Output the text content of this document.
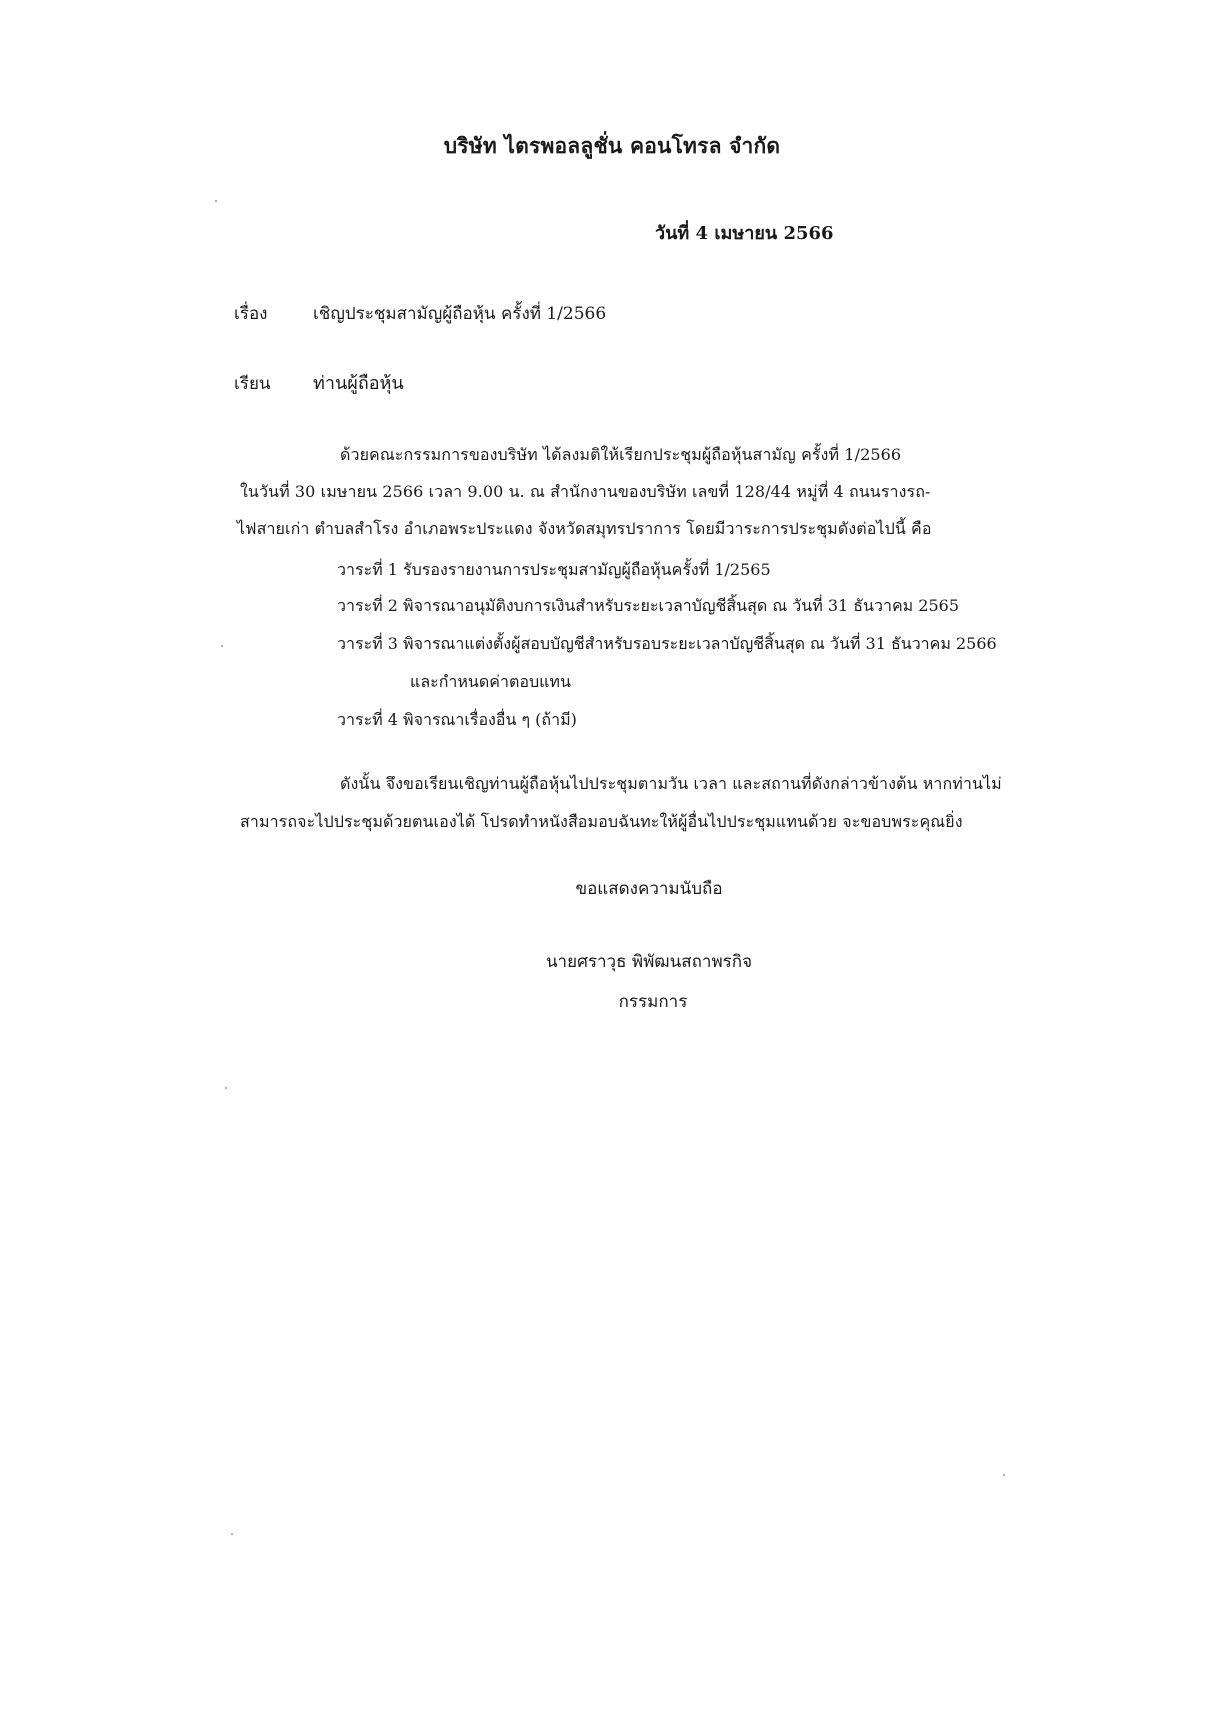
บริษัท ไตรพอลลูชั่น คอนโทรล จำกัด
วันที่ 4 เมษายน 2566
เรื่อง	เชิญประชุมสามัญผู้ถือหุ้น ครั้งที่ 1/2566
เรียน ท่านผู้ถือหุ้น
ด้วยคณะกรรมการของบริษัท ได้ลงมติให้เรียกประชุมผู้ถือหุ้นสามัญ ครั้งที่ 1/2566
ในวันที่ 30 เมษายน 2566 เวลา 9.00 น. ณ สำนักงานของบริษัท เลขที่ 128/44 หมู่ที่ 4 ถนนรางรถ-
ไฟสายเก่า ตำบลสำโรง อำเภอพระประแดง จังหวัดสมุทรปราการ โดยมีวาระการประชุมดังต่อไปนี้ คือ
วาระที่ 1 รับรองรายงานการประชุมสามัญผู้ถือหุ้นครั้งที่ 1/2565
วาระที่ 2 พิจารณาอนุมัติงบการเงินสำหรับระยะเวลาบัญชีสิ้นสุด ณ วันที่ 31 ธันวาคม 2565
วาระที่ 3 พิจารณาแต่งตั้งผู้สอบบัญชีสำหรับรอบระยะเวลาบัญชีสิ้นสุด ณ วันที่ 31 ธันวาคม 2566
และกำหนดค่าตอบแทน
วาระที่ 4 พิจารณาเรื่องอื่น ๆ (ถ้ามี)
ดังนั้น จึงขอเรียนเชิญท่านผู้ถือหุ้นไปประชุมตามวัน เวลา และสถานที่ดังกล่าวข้างต้น หากท่านไม่
สามารถจะไปประชุมด้วยตนเองได้ โปรดทำหนังสือมอบฉันทะให้ผู้อื่นไปประชุมแทนด้วย จะขอบพระคุณยิ่ง
ขอแสดงความนับถือ
นายศราวุธ พิพัฒนสถาพรกิจ
กรรมการ
